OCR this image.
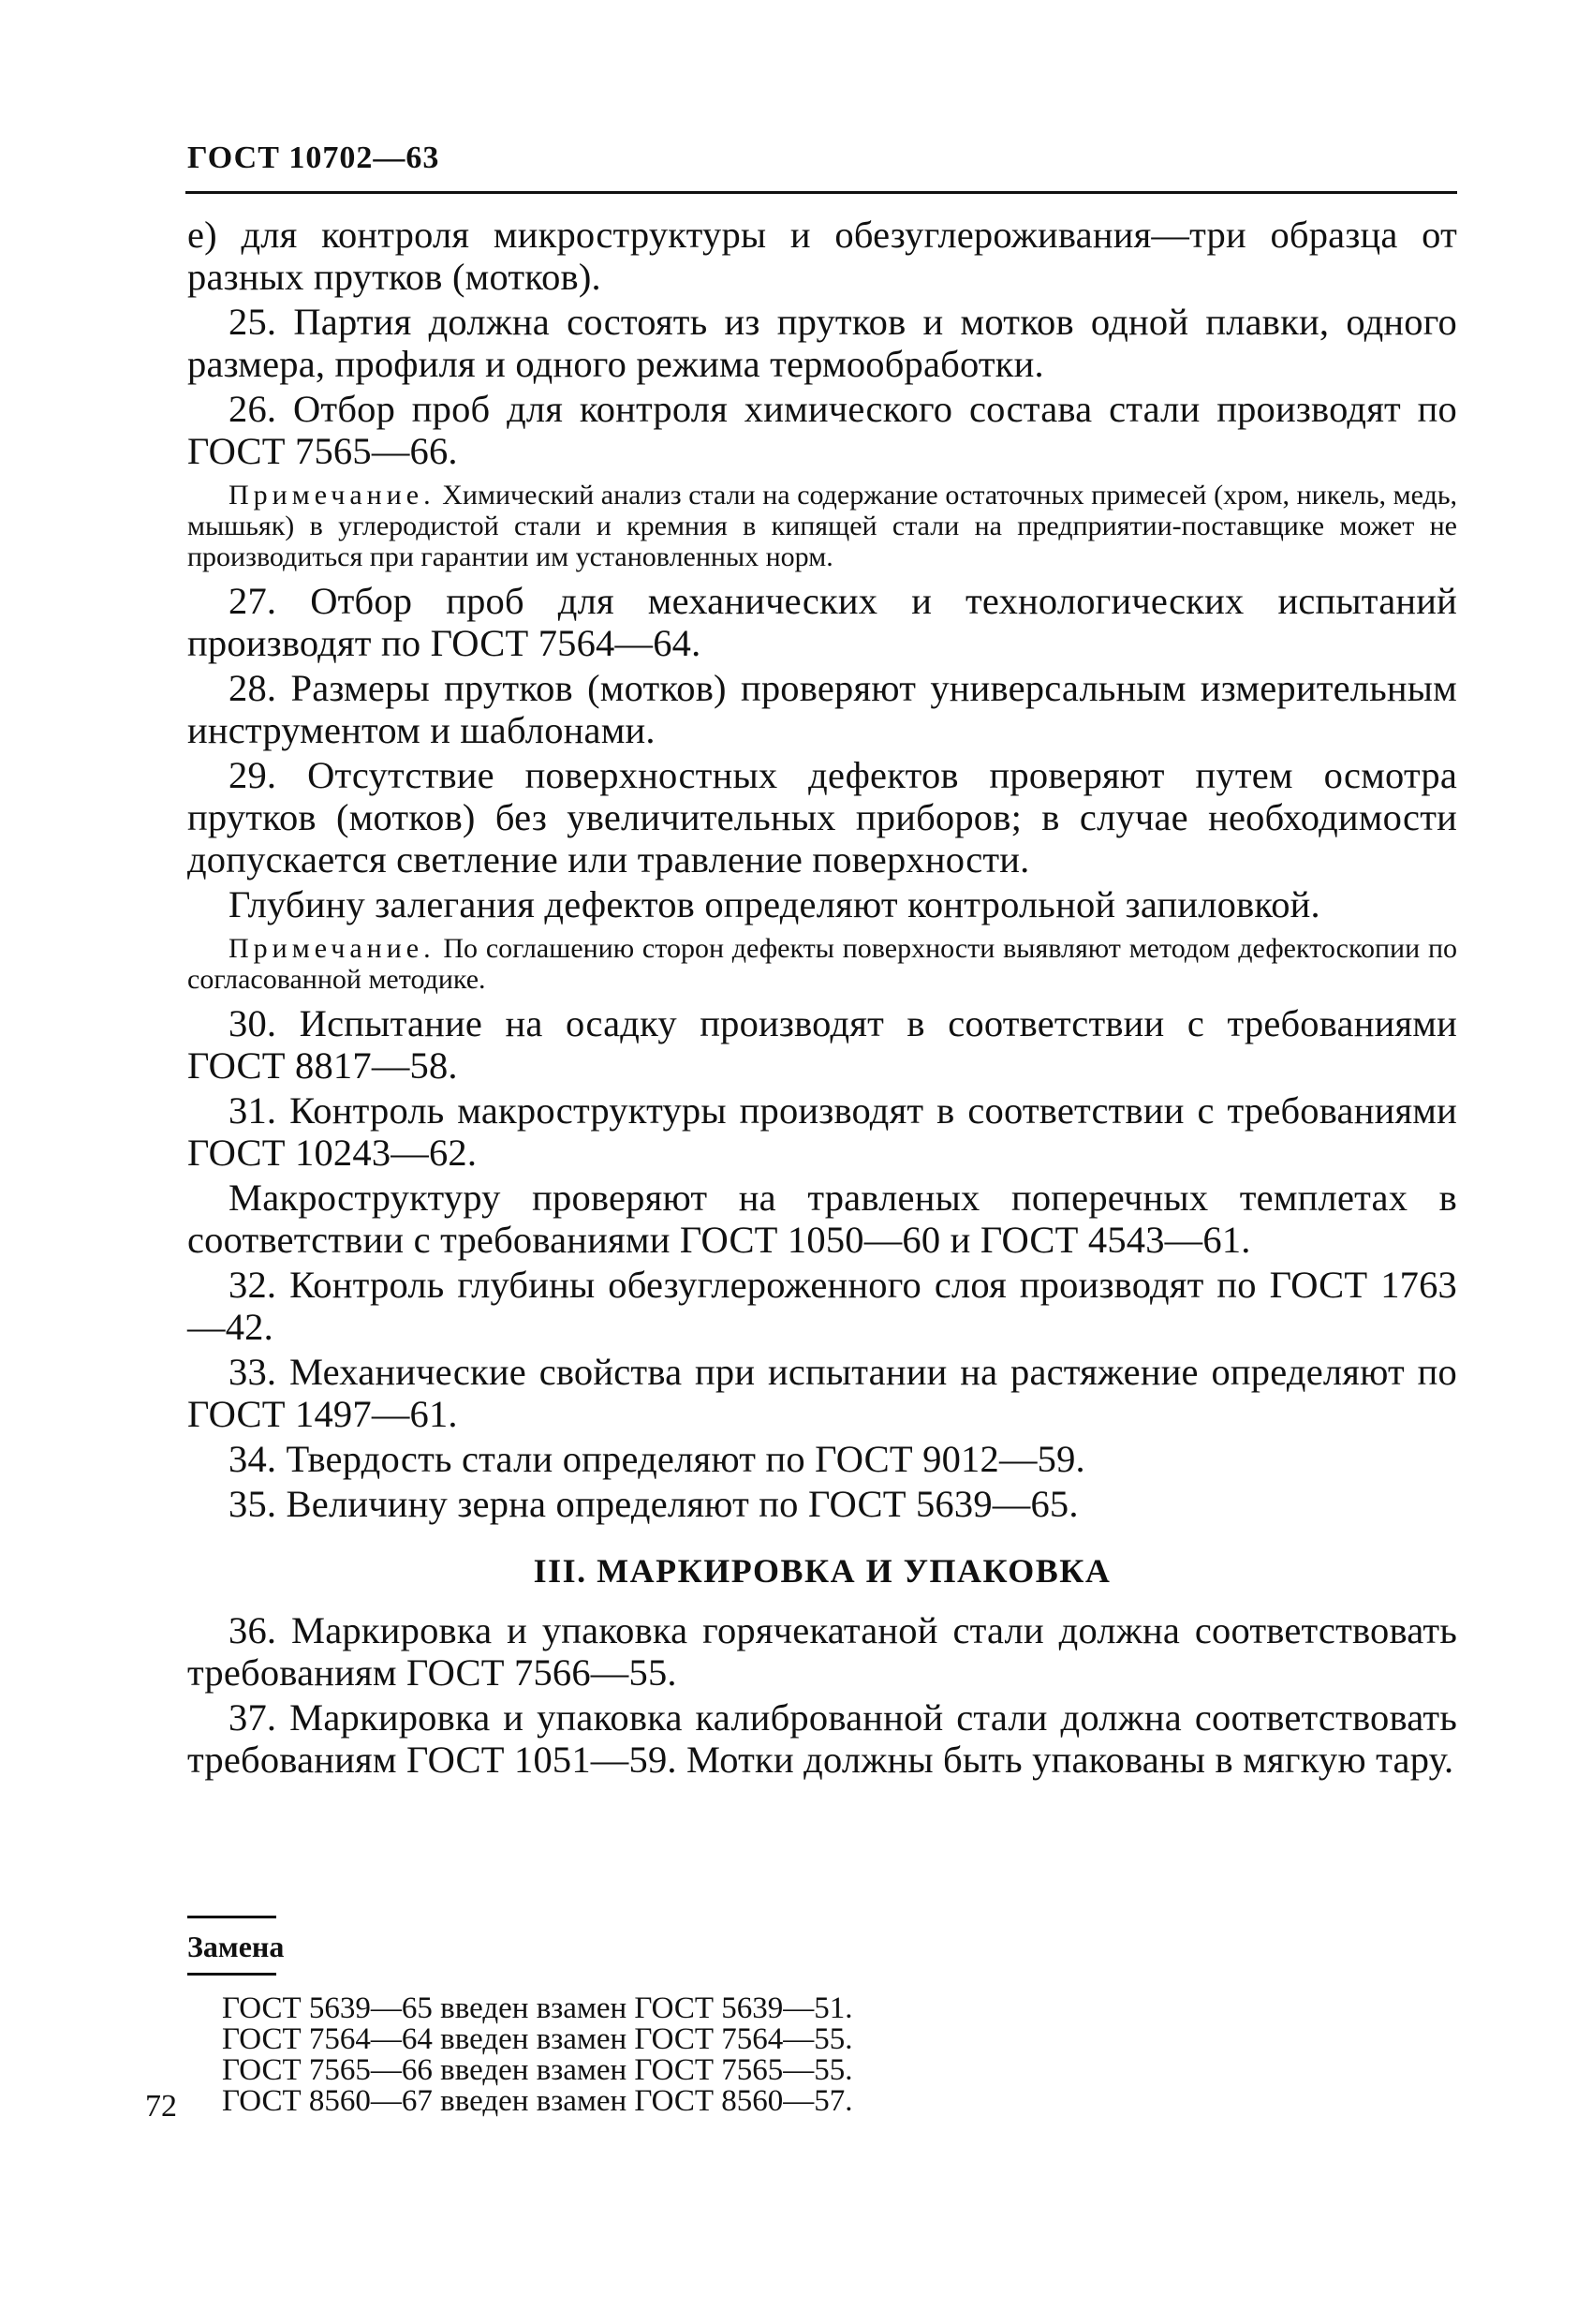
ГОСТ 10702—63

е) для контроля микроструктуры и обезуглероживания—три образца от разных прутков (мотков).

25. Партия должна состоять из прутков и мотков одной плавки, одного размера, профиля и одного режима термообработки.

26. Отбор проб для контроля химического состава стали производят по ГОСТ 7565—66.

Примечание. Химический анализ стали на содержание остаточных примесей (хром, никель, медь, мышьяк) в углеродистой стали и кремния в кипящей стали на предприятии-поставщике может не производиться при гарантии им установленных норм.

27. Отбор проб для механических и технологических испытаний производят по ГОСТ 7564—64.

28. Размеры прутков (мотков) проверяют универсальным измерительным инструментом и шаблонами.

29. Отсутствие поверхностных дефектов проверяют путем осмотра прутков (мотков) без увеличительных приборов; в случае необходимости допускается светление или травление поверхности.

Глубину залегания дефектов определяют контрольной запиловкой.

Примечание. По соглашению сторон дефекты поверхности выявляют методом дефектоскопии по согласованной методике.

30. Испытание на осадку производят в соответствии с требованиями ГОСТ 8817—58.

31. Контроль макроструктуры производят в соответствии с требованиями ГОСТ 10243—62.

Макроструктуру проверяют на травленых поперечных темплетах в соответствии с требованиями ГОСТ 1050—60 и ГОСТ 4543—61.

32. Контроль глубины обезуглероженного слоя производят по ГОСТ 1763—42.

33. Механические свойства при испытании на растяжение определяют по ГОСТ 1497—61.

34. Твердость стали определяют по ГОСТ 9012—59.

35. Величину зерна определяют по ГОСТ 5639—65.

III. МАРКИРОВКА И УПАКОВКА

36. Маркировка и упаковка горячекатаной стали должна соответствовать требованиям ГОСТ 7566—55.

37. Маркировка и упаковка калиброванной стали должна соответствовать требованиям ГОСТ 1051—59. Мотки должны быть упакованы в мягкую тару.

Замена
ГОСТ 5639—65 введен взамен ГОСТ 5639—51.
ГОСТ 7564—64 введен взамен ГОСТ 7564—55.
ГОСТ 7565—66 введен взамен ГОСТ 7565—55.
ГОСТ 8560—67 введен взамен ГОСТ 8560—57.
72
